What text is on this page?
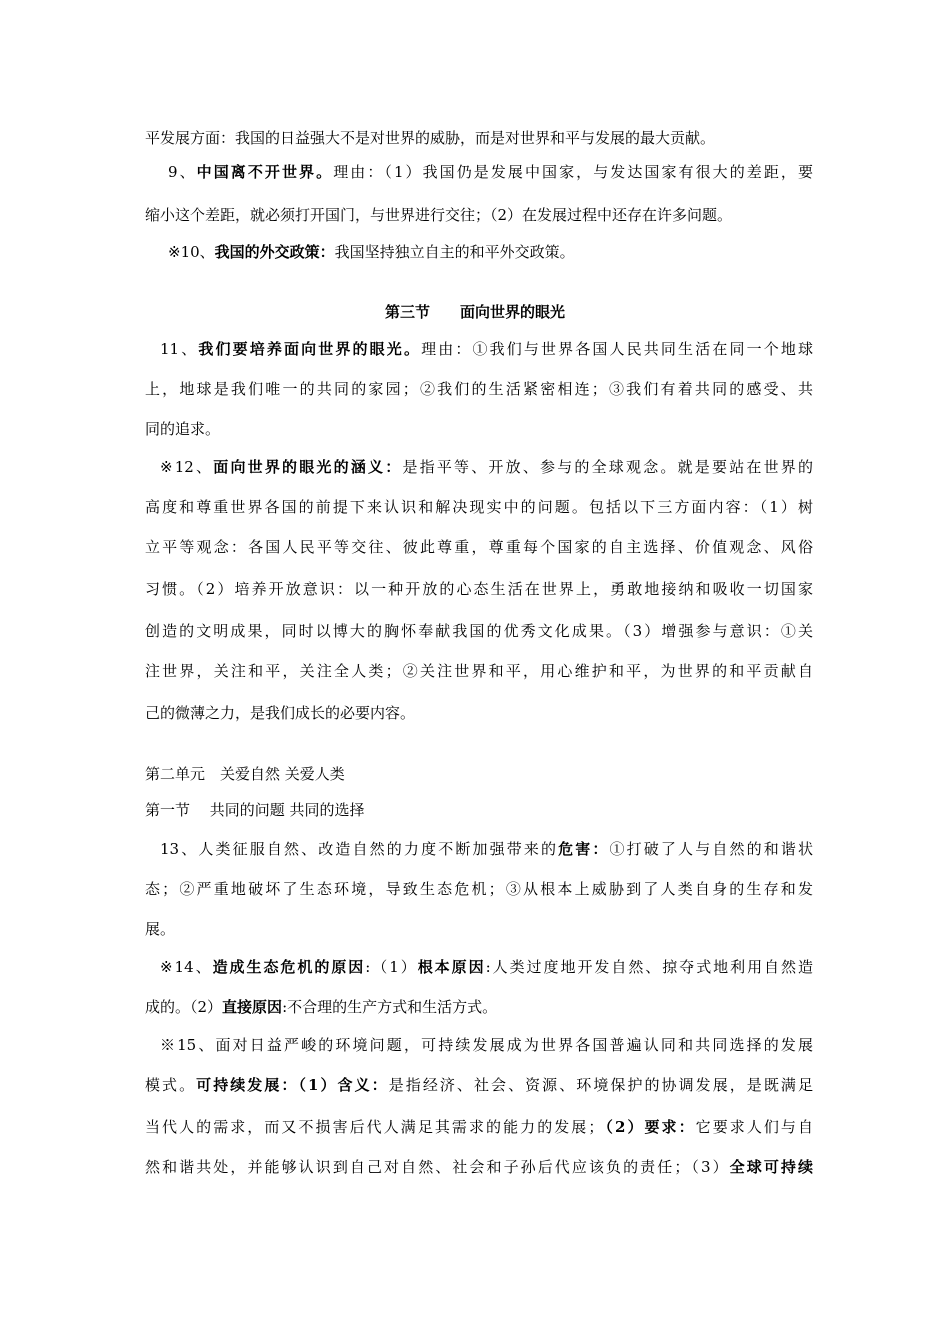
平发展方面：我国的日益强大不是对世界的威胁，而是对世界和平与发展的最大贡献。
9、中国离不开世界。理由：（1）我国仍是发展中国家，与发达国家有很大的差距，要
缩小这个差距，就必须打开国门，与世界进行交往；（2）在发展过程中还存在许多问题。
※10、我国的外交政策：我国坚持独立自主的和平外交政策。
第三节　　面向世界的眼光
11、我们要培养面向世界的眼光。理由：①我们与世界各国人民共同生活在同一个地球
上，地球是我们唯一的共同的家园；②我们的生活紧密相连；③我们有着共同的感受、共
同的追求。
※12、面向世界的眼光的涵义：是指平等、开放、参与的全球观念。就是要站在世界的
高度和尊重世界各国的前提下来认识和解决现实中的问题。包括以下三方面内容：（1）树
立平等观念：各国人民平等交往、彼此尊重，尊重每个国家的自主选择、价值观念、风俗
习惯。（2）培养开放意识：以一种开放的心态生活在世界上，勇敢地接纳和吸收一切国家
创造的文明成果，同时以博大的胸怀奉献我国的优秀文化成果。（3）增强参与意识：①关
注世界，关注和平，关注全人类；②关注世界和平，用心维护和平，为世界的和平贡献自
己的微薄之力，是我们成长的必要内容。
第二单元　关爱自然 关爱人类
第一节　 共同的问题 共同的选择
13、人类征服自然、改造自然的力度不断加强带来的危害：①打破了人与自然的和谐状
态；②严重地破坏了生态环境，导致生态危机；③从根本上威胁到了人类自身的生存和发
展。
※14、造成生态危机的原因:（1）根本原因:人类过度地开发自然、掠夺式地利用自然造
成的。（2）直接原因:不合理的生产方式和生活方式。
※15、面对日益严峻的环境问题，可持续发展成为世界各国普遍认同和共同选择的发展
模式。可持续发展：（1）含义：是指经济、社会、资源、环境保护的协调发展，是既满足
当代人的需求，而又不损害后代人满足其需求的能力的发展；（2）要求：它要求人们与自
然和谐共处，并能够认识到自己对自然、社会和子孙后代应该负的责任；（3）全球可持续
